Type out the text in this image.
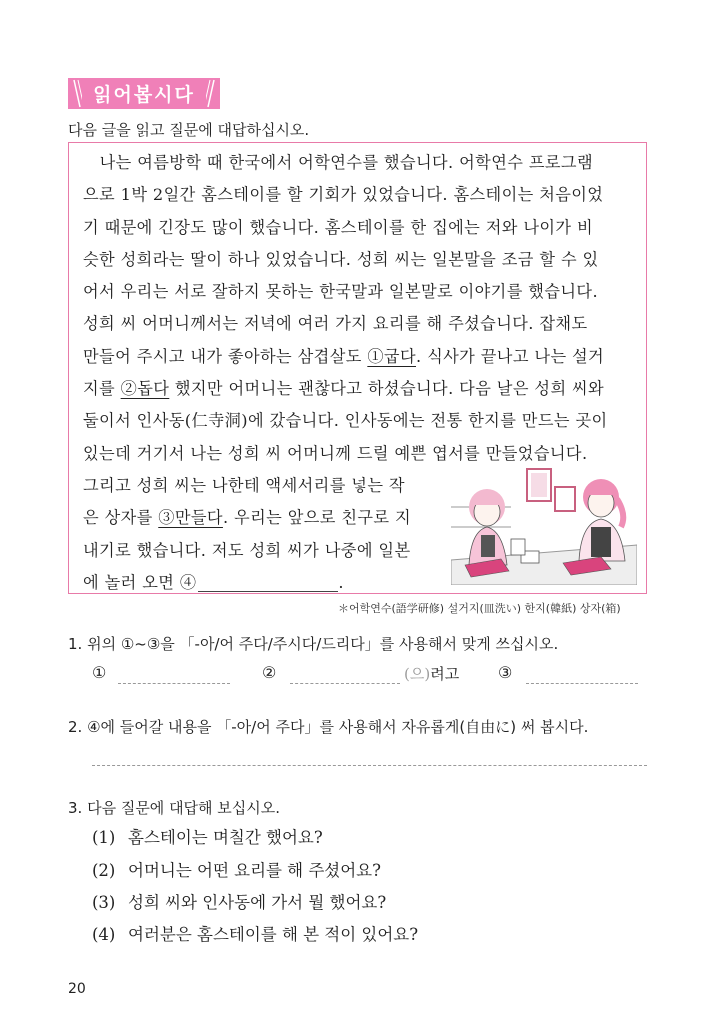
읽어봅시다
다음 글을 읽고 질문에 대답하십시오.
　나는 여름방학 때 한국에서 어학연수를 했습니다. 어학연수 프로그램
으로 1박 2일간 홈스테이를 할 기회가 있었습니다. 홈스테이는 처음이었
기 때문에 긴장도 많이 했습니다. 홈스테이를 한 집에는 저와 나이가 비
슷한 성희라는 딸이 하나 있었습니다. 성희 씨는 일본말을 조금 할 수 있
어서 우리는 서로 잘하지 못하는 한국말과 일본말로 이야기를 했습니다.
성희 씨 어머니께서는 저녁에 여러 가지 요리를 해 주셨습니다. 잡채도
만들어 주시고 내가 좋아하는 삼겹살도 ①굽다. 식사가 끝나고 나는 설거
지를 ②돕다 했지만 어머니는 괜찮다고 하셨습니다. 다음 날은 성희 씨와
둘이서 인사동(仁寺洞)에 갔습니다. 인사동에는 전통 한지를 만드는 곳이
있는데 거기서 나는 성희 씨 어머니께 드릴 예쁜 엽서를 만들었습니다.
그리고 성희 씨는 나한테 액세서리를 넣는 작
은 상자를 ③만들다. 우리는 앞으로 친구로 지
내기로 했습니다. 저도 성희 씨가 나중에 일본
에 놀러 오면 ④	.
＊어학연수(語学研修) 설거지(皿洗い) 한지(韓紙) 상자(箱)
1. 위의 ①~③을 「-아/어 주다/주시다/드리다」를 사용해서 맞게 쓰십시오.
①	②	(으)려고 ③
2. ④에 들어갈 내용을 「-아/어 주다」를 사용해서 자유롭게(自由に) 써 봅시다.
3. 다음 질문에 대답해 보십시오.
(1) 홈스테이는 며칠간 했어요?
(2) 어머니는 어떤 요리를 해 주셨어요?
(3) 성희 씨와 인사동에 가서 뭘 했어요?
(4) 여러분은 홈스테이를 해 본 적이 있어요?
20
